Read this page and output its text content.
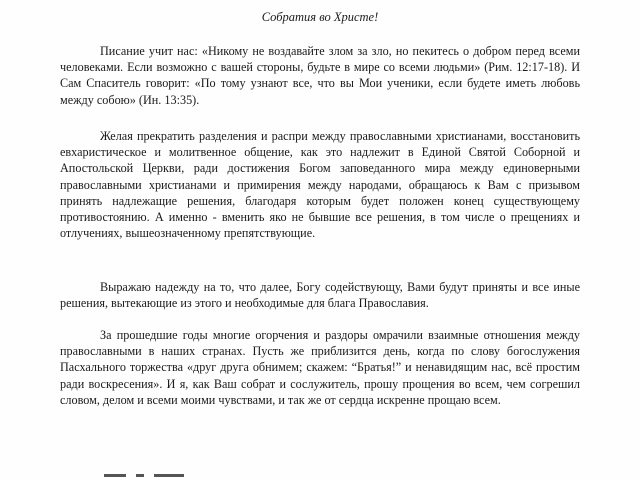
Собратия во Христе!

Писание учит нас: «Никому не воздавайте злом за зло, но пекитесь о добром перед всеми человеками. Если возможно с вашей стороны, будьте в мире со всеми людьми» (Рим. 12:17-18). И Сам Спаситель говорит: «По тому узнают все, что вы Мои ученики, если будете иметь любовь между собою» (Ин. 13:35).

Желая прекратить разделения и распри между православными христианами, восстановить евхаристическое и молитвенное общение, как это надлежит в Единой Святой Соборной и Апостольской Церкви, ради достижения Богом заповеданного мира между единоверными православными христианами и примирения между народами, обращаюсь к Вам с призывом принять надлежащие решения, благодаря которым будет положен конец существующему противостоянию. А именно - вменить яко не бывшие все решения, в том числе о прещениях и отлучениях, вышеозначенному препятствующие.

Выражаю надежду на то, что далее, Богу содействующу, Вами будут приняты и все иные решения, вытекающие из этого и необходимые для блага Православия.

За прошедшие годы многие огорчения и раздоры омрачили взаимные отношения между православными в наших странах. Пусть же приблизится день, когда по слову богослужения Пасхального торжества «друг друга обнимем; скажем: “Братья!” и ненавидящим нас, всё простим ради воскресения». И я, как Ваш собрат и сослужитель, прошу прощения во всем, чем согрешил словом, делом и всеми моими чувствами, и так же от сердца искренне прощаю всем.
